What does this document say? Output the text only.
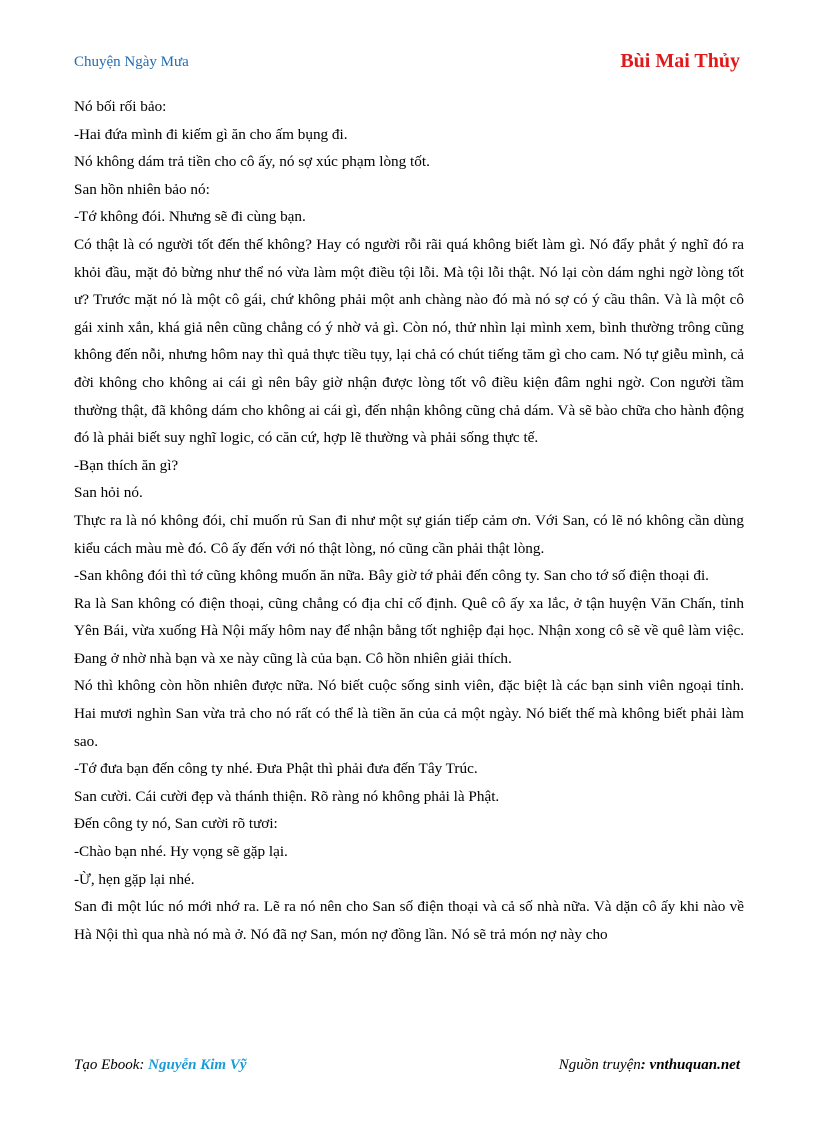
Chuyện Ngày Mưa	Bùi Mai Thủy

Nó bối rối bảo:

-Hai đứa mình đi kiếm gì ăn cho ấm bụng đi.

Nó không dám trả tiền cho cô ấy, nó sợ xúc phạm lòng tốt.

San hồn nhiên bảo nó:

-Tớ không đói. Nhưng sẽ đi cùng bạn.

Có thật là có người tốt đến thế không? Hay có người rỗi rãi quá không biết làm gì. Nó đẩy phắt ý nghĩ đó ra khỏi đầu, mặt đỏ bừng như thể nó vừa làm một điều tội lỗi. Mà tội lỗi thật. Nó lại còn dám nghi ngờ lòng tốt ư? Trước mặt nó là một cô gái, chứ không phải một anh chàng nào đó mà nó sợ có ý cầu thân. Và là một cô gái xinh xắn, khá giả nên cũng chẳng có ý nhờ vả gì. Còn nó, thử nhìn lại mình xem, bình thường trông cũng không đến nỗi, nhưng hôm nay thì quả thực tiều tụy, lại chả có chút tiếng tăm gì cho cam. Nó tự giễu mình, cả đời không cho không ai cái gì nên bây giờ nhận được lòng tốt vô điều kiện đâm nghi ngờ. Con người tầm thường thật, đã không dám cho không ai cái gì, đến nhận không cũng chả dám. Và sẽ bào chữa cho hành động đó là phải biết suy nghĩ logic, có căn cứ, hợp lẽ thường và phải sống thực tế.

-Bạn thích ăn gì?

San hỏi nó.

Thực ra là nó không đói, chỉ muốn rủ San đi như một sự gián tiếp cảm ơn. Với San, có lẽ nó không cần dùng kiểu cách màu mè đó. Cô ấy đến với nó thật lòng, nó cũng cần phải thật lòng.

-San không đói thì tớ cũng không muốn ăn nữa. Bây giờ tớ phải đến công ty. San cho tớ số điện thoại đi.

Ra là San không có điện thoại, cũng chẳng có địa chỉ cố định. Quê cô ấy xa lắc, ở tận huyện Văn Chấn, tỉnh Yên Bái, vừa xuống Hà Nội mấy hôm nay để nhận bằng tốt nghiệp đại học. Nhận xong cô sẽ về quê làm việc. Đang ở nhờ nhà bạn và xe này cũng là của bạn. Cô hồn nhiên giải thích.

Nó thì không còn hồn nhiên được nữa. Nó biết cuộc sống sinh viên, đặc biệt là các bạn sinh viên ngoại tỉnh. Hai mươi nghìn San vừa trả cho nó rất có thể là tiền ăn của cả một ngày. Nó biết thế mà không biết phải làm sao.

-Tớ đưa bạn đến công ty nhé. Đưa Phật thì phải đưa đến Tây Trúc.

San cười. Cái cười đẹp và thánh thiện. Rõ ràng nó không phải là Phật.

Đến công ty nó, San cười rõ tươi:

-Chào bạn nhé. Hy vọng sẽ gặp lại.

-Ừ, hẹn gặp lại nhé.

San đi một lúc nó mới nhớ ra. Lẽ ra nó nên cho San số điện thoại và cả số nhà nữa. Và dặn cô ấy khi nào về Hà Nội thì qua nhà nó mà ở. Nó đã nợ San, món nợ đồng lần. Nó sẽ trả món nợ này cho

Tạo Ebook: Nguyễn Kim Vỹ	Nguồn truyện: vnthuquan.net
